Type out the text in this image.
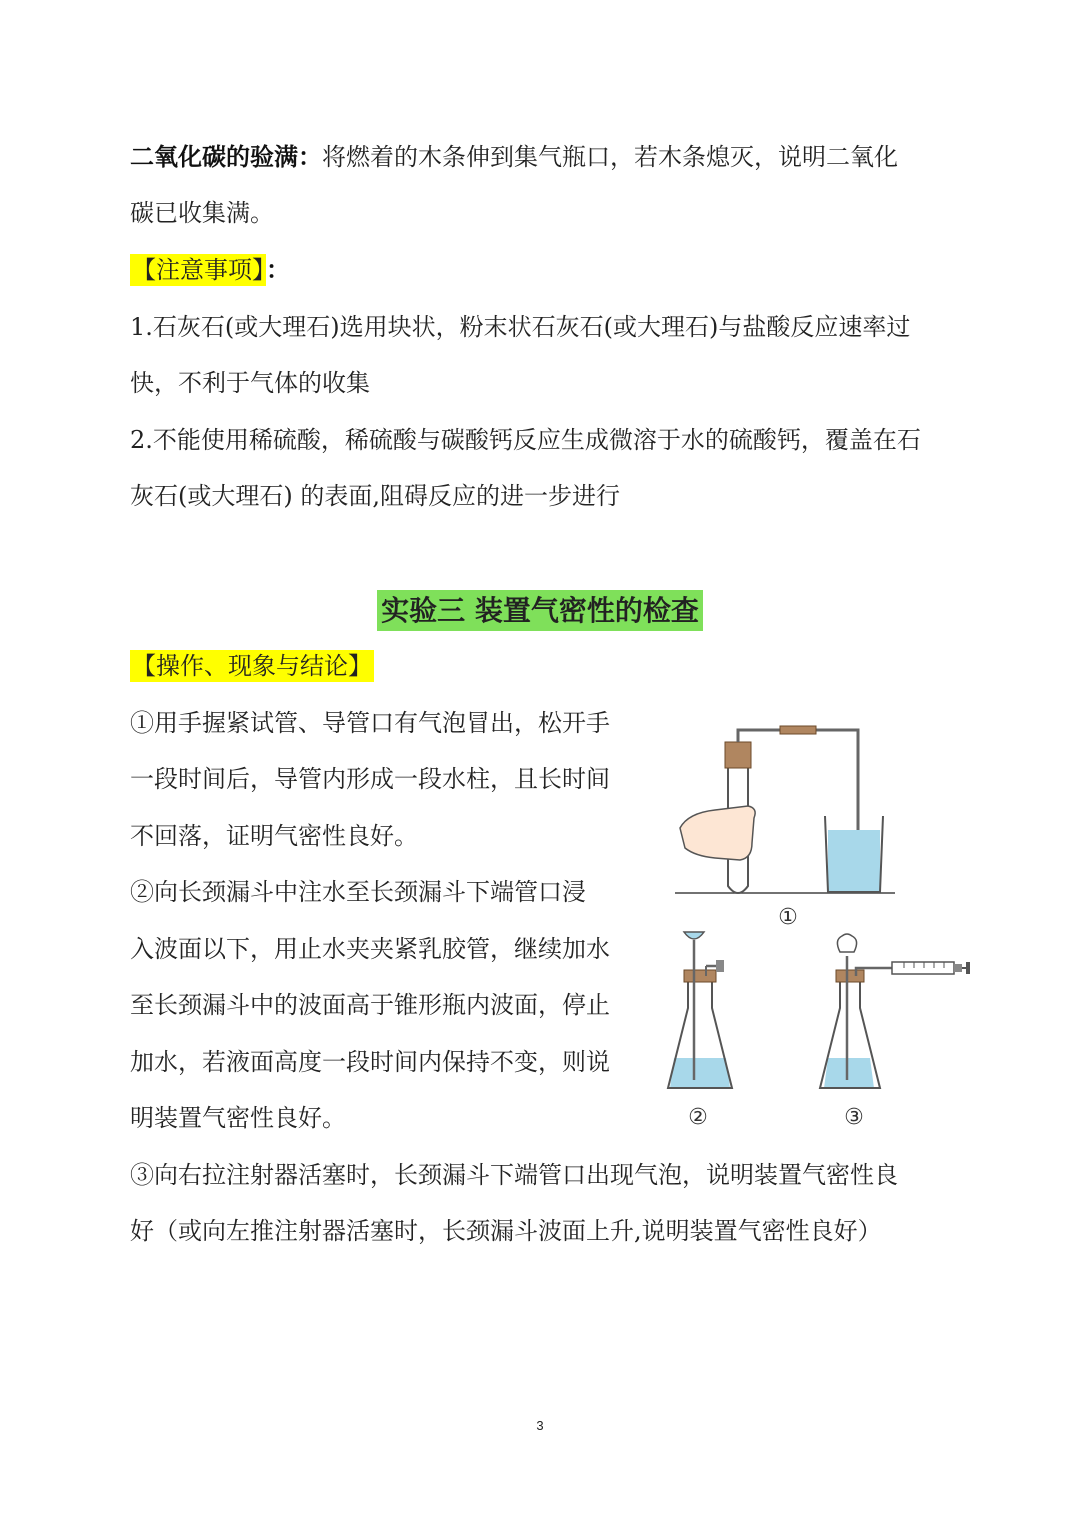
二氧化碳的验满：将燃着的木条伸到集气瓶口，若木条熄灭，说明二氧化
碳已收集满。
【注意事项】：
1.石灰石(或大理石)选用块状，粉末状石灰石(或大理石)与盐酸反应速率过
快，不利于气体的收集
2.不能使用稀硫酸，稀硫酸与碳酸钙反应生成微溶于水的硫酸钙，覆盖在石
灰石(或大理石) 的表面,阻碍反应的进一步进行
实验三 装置气密性的检查
【操作、现象与结论】
①用手握紧试管、导管口有气泡冒出，松开手
一段时间后，导管内形成一段水柱，且长时间
不回落，证明气密性良好。
②向长颈漏斗中注水至长颈漏斗下端管口浸
入波面以下，用止水夹夹紧乳胶管，继续加水
至长颈漏斗中的波面高于锥形瓶内波面，停止
加水，若液面高度一段时间内保持不变，则说
明装置气密性良好。
③向右拉注射器活塞时，长颈漏斗下端管口出现气泡，说明装置气密性良
好（或向左推注射器活塞时，长颈漏斗波面上升,说明装置气密性良好）
①
②	③
3
